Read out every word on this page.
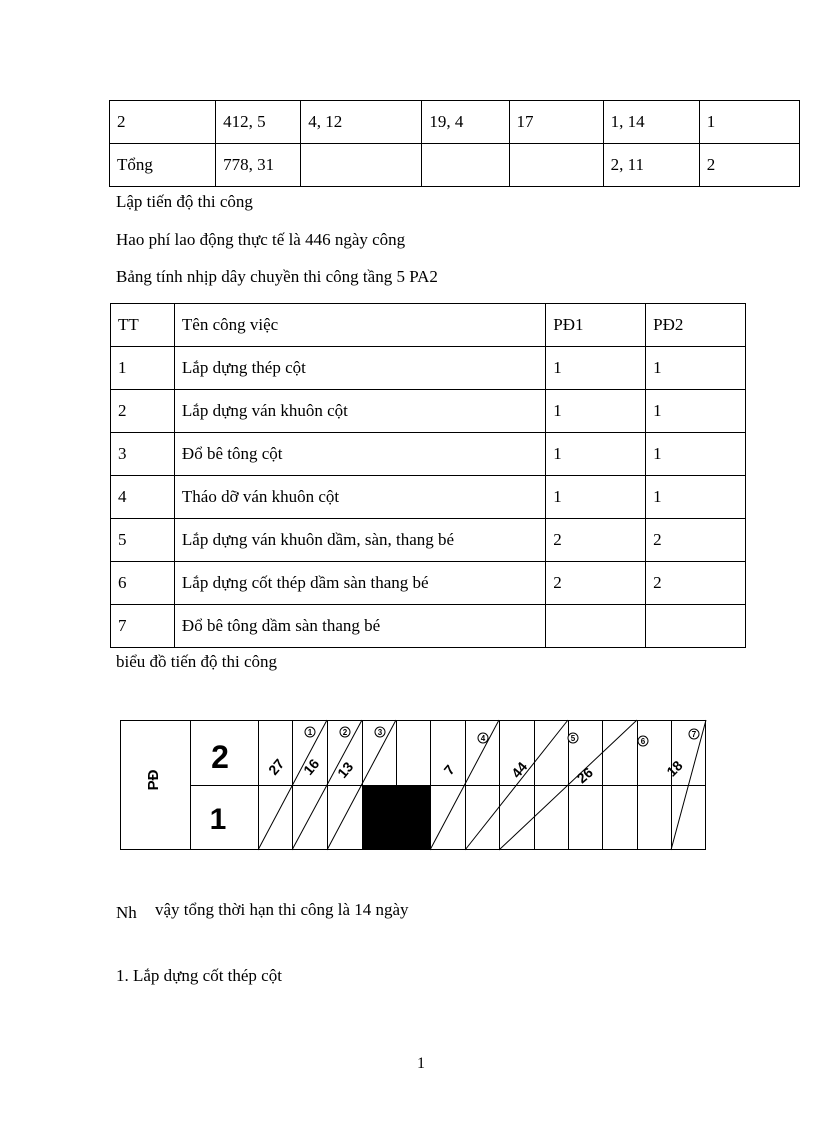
2	412, 5	4, 12	19, 4	17	1, 14	1
Tổng	778, 31				2, 11	2
Lập tiến độ thi công
Hao phí lao động thực tế là 446 ngày công
Bảng tính nhịp dây chuyền thi công tầng 5 PA2
TT	Tên công việc	PĐ1	PĐ2
1	Lắp dựng thép cột	1	1
2	Lắp dựng ván khuôn cột	1	1
3	Đổ bê tông cột	1	1
4	Tháo dỡ ván khuôn cột	1	1
5	Lắp dựng ván khuôn dầm, sàn, thang bé	2	2
6	Lắp dựng cốt thép dầm sàn thang bé	2	2
7	Đổ bê tông dầm sàn thang bé		
biểu đồ tiến độ thi công
1	2	3
4	5	6
7
27 16 13	7	44	26	18
PĐ
2
1
Nh vậy tổng thời hạn thi công là 14 ngày
1. Lắp dựng cốt thép cột
1
